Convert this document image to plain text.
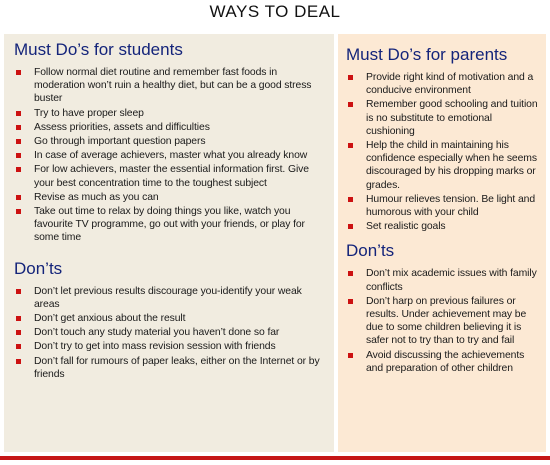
WAYS TO DEAL
Must Do’s for students
Follow normal diet routine and remember fast foods in moderation won’t ruin a healthy diet, but can be a good stress buster
Try to have proper sleep
Assess priorities, assets and difficulties
Go through important question papers
In case of average achievers, master what you already know
For low achievers, master the essential information first. Give your best concentration time to the toughest subject
Revise as much as you can
Take out time to relax by doing things you like, watch you favourite TV programme, go out with your friends, or play for some time
Don’ts
Don’t let previous results discourage you-identify your weak areas
Don’t get anxious about the result
Don’t touch any study material you haven’t done so far
Don’t try to get into mass revision session with friends
Don’t fall for rumours of paper leaks, either on the Internet or by friends
Must Do’s for parents
Provide right kind of motivation and a conducive environment
Remember good schooling and tuition is no substitute to emotional cushioning
Help the child in maintaining his confidence especially when he seems discouraged by his dropping marks or grades.
Humour relieves tension. Be light and humorous with your child
Set realistic goals
Don’ts
Don’t mix academic issues with family conflicts
Don’t harp on previous failures or results. Under achievement may be due to some children believing it is safer not to try than to try and fail
Avoid discussing the achievements and preparation of other children
